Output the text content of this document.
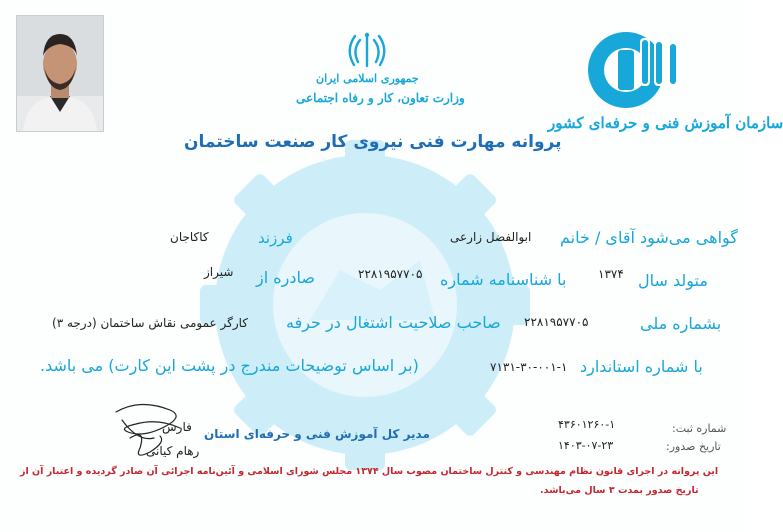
جمهوری اسلامی ایران
وزارت تعاون، کار و رفاه اجتماعی
سازمان آموزش فنی و حرفه‌ای کشور
پروانه مهارت فنی نیروی کار صنعت ساختمان
گواهی می‌شود آقای / خانم
ابوالفضل زارعی
فرزند
کاکاجان
متولد سال
۱۳۷۴
با شناسنامه شماره
۲۲۸۱۹۵۷۷۰۵
صادره از
شیراز
بشماره ملی
۲۲۸۱۹۵۷۷۰۵
صاحب صلاحیت اشتغال در حرفه
کارگر عمومی نقاش ساختمان (درجه ۳)
با شماره استاندارد
۷۱۳۱-۳۰-۰۰۱-۱
(بر اساس توضیحات مندرج در پشت این کارت) می باشد.
فارس
رهام کیانی
مدیر کل آموزش فنی و حرفه‌ای استان	شماره ثبت:
۴۳۶۰۱۲۶۰-۱
تاریخ صدور:
۱۴۰۳-۰۷-۲۳
این پروانه در اجرای قانون نظام مهندسی و کنترل ساختمان مصوب سال ۱۳۷۴ مجلس شورای اسلامی و آئین‌نامه اجرائی آن صادر گردیده و اعتبار آن از
تاریخ صدور بمدت ۳ سال می‌باشد.
